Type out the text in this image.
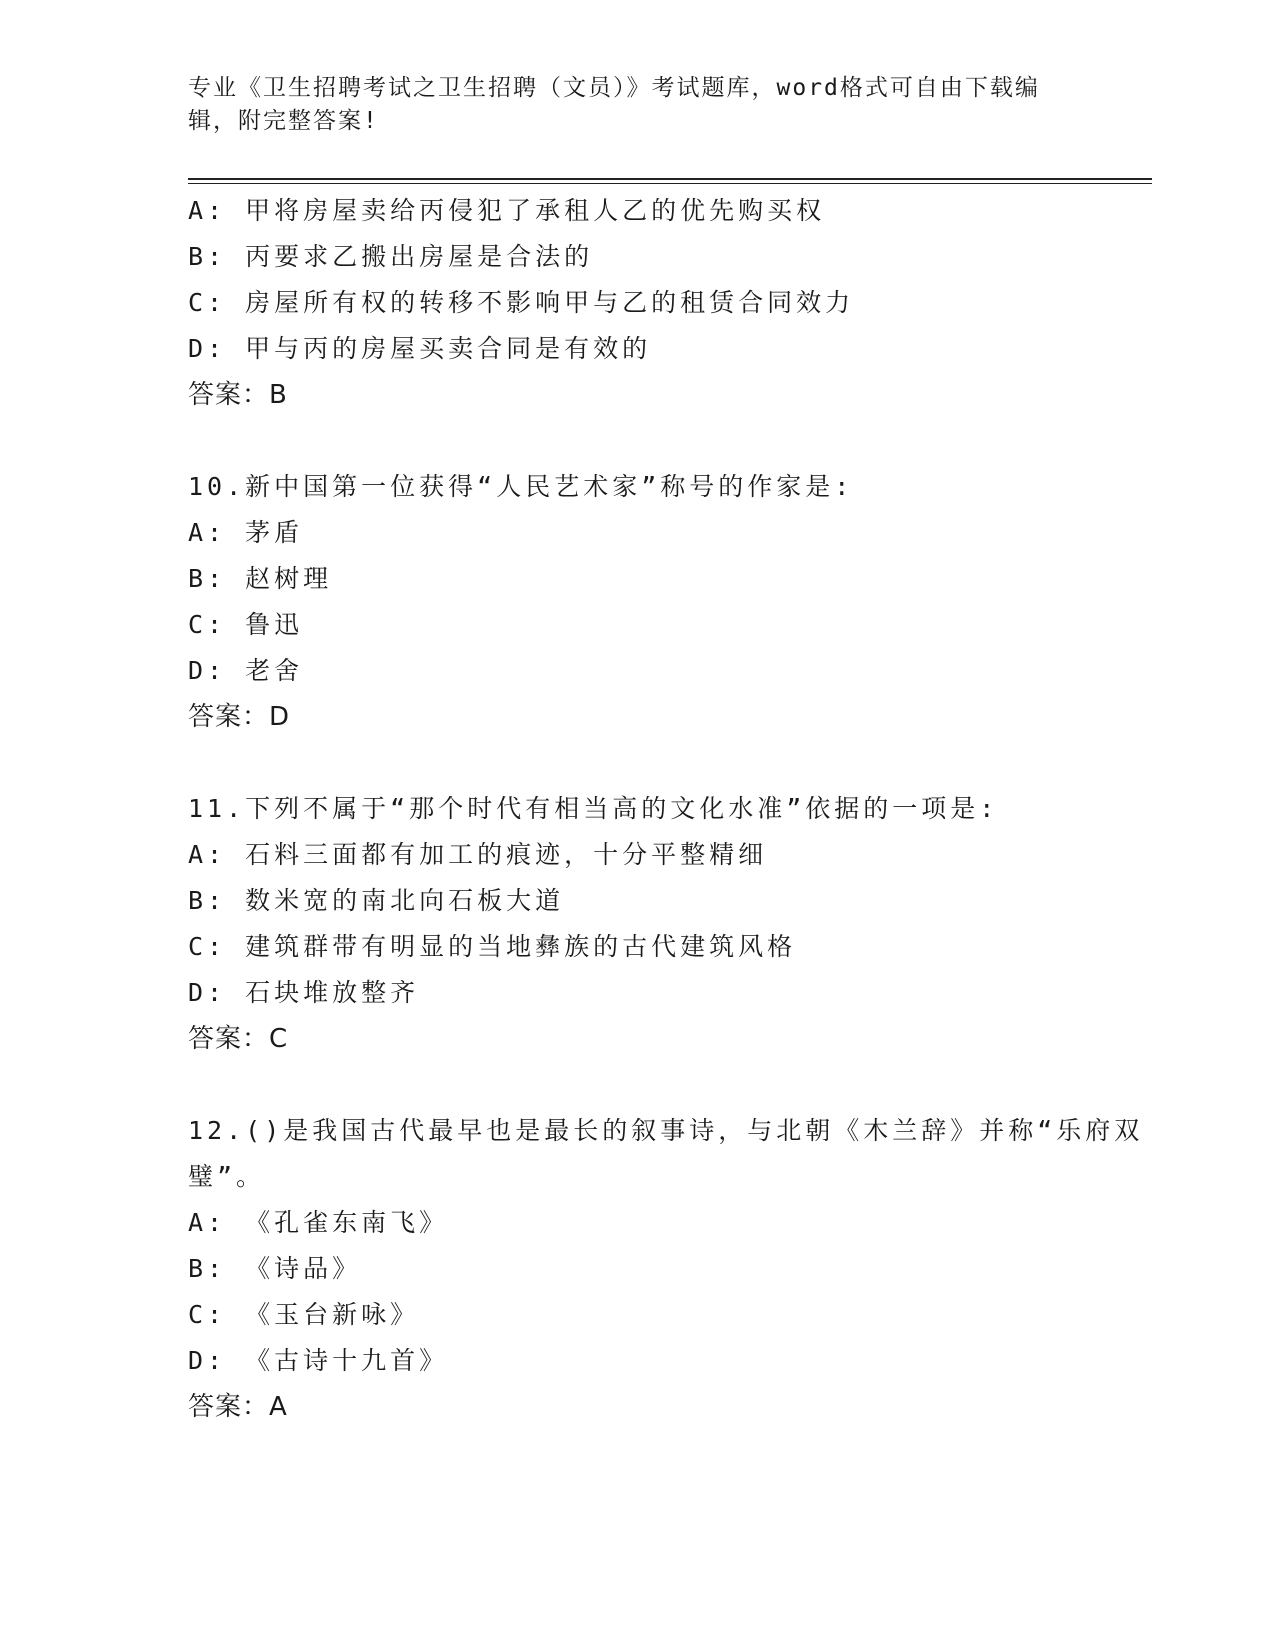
专业《卫生招聘考试之卫生招聘（文员）》考试题库，word格式可自由下载编辑，附完整答案!
A: 甲将房屋卖给丙侵犯了承租人乙的优先购买权
B: 丙要求乙搬出房屋是合法的
C: 房屋所有权的转移不影响甲与乙的租赁合同效力
D: 甲与丙的房屋买卖合同是有效的
答案：B
10.新中国第一位获得“人民艺术家”称号的作家是:
A: 茅盾
B: 赵树理
C: 鲁迅
D: 老舍
答案：D
11.下列不属于“那个时代有相当高的文化水准”依据的一项是:
A: 石料三面都有加工的痕迹，十分平整精细
B: 数米宽的南北向石板大道
C: 建筑群带有明显的当地彝族的古代建筑风格
D: 石块堆放整齐
答案：C
12.()是我国古代最早也是最长的叙事诗，与北朝《木兰辞》并称“乐府双璧”。
A: 《孔雀东南飞》
B: 《诗品》
C: 《玉台新咏》
D: 《古诗十九首》
答案：A
